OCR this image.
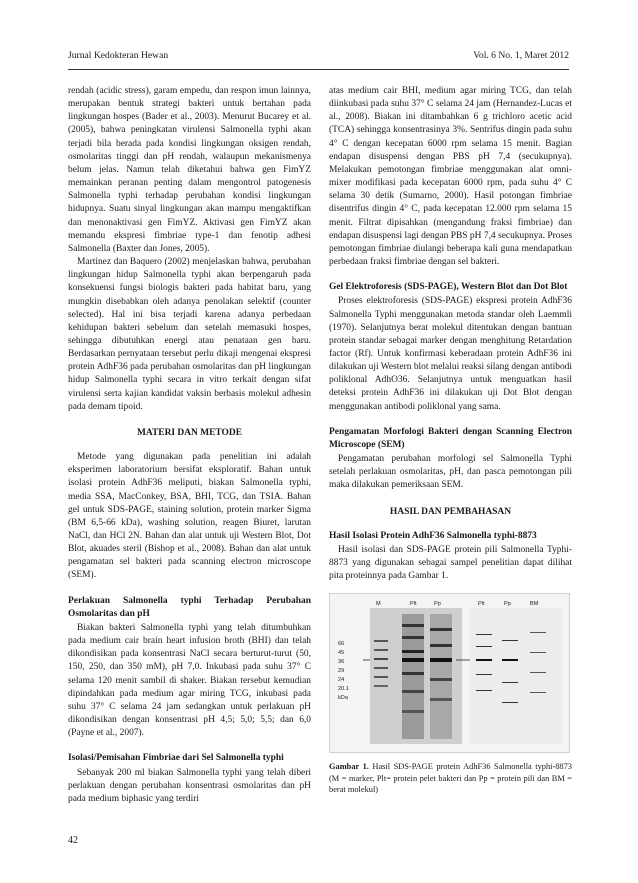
Jurnal Kedokteran Hewan	Vol. 6 No. 1, Maret 2012

rendah (acidic stress), garam empedu, dan respon imun lainnya, merupakan bentuk strategi bakteri untuk bertahan pada lingkungan hospes (Bader et al., 2003). Menurut Bucarey et al. (2005), bahwa peningkatan virulensi Salmonella typhi akan terjadi bila berada pada kondisi lingkungan oksigen rendah, osmolaritas tinggi dan pH rendah, walaupun mekanismenya belum jelas. Namun telah diketahui bahwa gen FimYZ memainkan peranan penting dalam mengontrol patogenesis Salmonella typhi terhadap perubahan kondisi lingkungan hidupnya. Suatu sinyal lingkungan akan mampu mengaktifkan dan menonaktivasi gen FimYZ. Aktivasi gen FimYZ akan memandu ekspresi fimbriae type-1 dan fenotip adhesi Salmonella (Baxter dan Jones, 2005).

Martinez dan Baquero (2002) menjelaskan bahwa, perubahan lingkungan hidup Salmonella typhi akan berpengaruh pada konsekuensi fungsi biologis bakteri pada habitat baru, yang mungkin disebabkan oleh adanya penolakan selektif (counter selected). Hal ini bisa terjadi karena adanya perbedaan kehidupan bakteri sebelum dan setelah memasuki hospes, sehingga dibutuhkan energi atau penataan gen baru. Berdasarkan pernyataan tersebut perlu dikaji mengenai ekspresi protein AdhF36 pada perubahan osmolaritas dan pH lingkungan hidup Salmonella typhi secara in vitro terkait dengan sifat virulensi serta kajian kandidat vaksin berbasis molekul adhesin pada demam tipoid.

MATERI DAN METODE

Metode yang digunakan pada penelitian ini adalah eksperimen laboratorium bersifat eksploratif. Bahan untuk isolasi protein AdhF36 meliputi, biakan Salmonella typhi, media SSA, MacConkey, BSA, BHI, TCG, dan TSIA. Bahan gel untuk SDS-PAGE, staining solution, protein marker Sigma (BM 6,5-66 kDa), washing solution, reagen Biuret, larutan NaCl, dan HCl 2N. Bahan dan alat untuk uji Western Blot, Dot Blot, akuades steril (Bishop et al., 2008). Bahan dan alat untuk pengamatan sel bakteri pada scanning electron microscope (SEM).

Perlakuan Salmonella typhi Terhadap Perubahan Osmolaritas dan pH

Biakan bakteri Salmonella typhi yang telah ditumbuhkan pada medium cair brain heart infusion broth (BHI) dan telah dikondisikan pada konsentrasi NaCl secara berturut-turut (50, 150, 250, dan 350 mM), pH 7,0. Inkubasi pada suhu 37° C selama 120 menit sambil di shaker. Biakan tersebut kemudian dipindahkan pada medium agar miring TCG, inkubasi pada suhu 37° C selama 24 jam sedangkan untuk perlakuan pH dikondisikan dengan konsentrasi pH 4,5; 5,0; 5,5; dan 6,0 (Payne et al., 2007).

Isolasi/Pemisahan Fimbriae dari Sel Salmonella typhi

Sebanyak 200 ml biakan Salmonella typhi yang telah diberi perlakuan dengan perubahan konsentrasi osmolaritas dan pH pada medium biphasic yang terdiri

atas medium cair BHI, medium agar miring TCG, dan telah diinkubasi pada suhu 37° C selama 24 jam (Hernandez-Lucas et al., 2008). Biakan ini ditambahkan 6 g trichloro acetic acid (TCA) sehingga konsentrasinya 3%. Sentrifus dingin pada suhu 4° C dengan kecepatan 6000 rpm selama 15 menit. Bagian endapan disuspensi dengan PBS pH 7,4 (secukupnya). Melakukan pemotongan fimbriae menggunakan alat omni-mixer modifikasi pada kecepatan 6000 rpm, pada suhu 4° C selama 30 detik (Sumarno, 2000). Hasil potongan fimbriae disentrifus dingin 4° C, pada kecepatan 12.000 rpm selama 15 menit. Filtrat dipisahkan (mengandung fraksi fimbriae) dan endapan disuspensi lagi dengan PBS pH 7,4 secukupnya. Proses pemotongan fimbriae diulangi beberapa kali guna mendapatkan perbedaan fraksi fimbriae dengan sel bakteri.

Gel Elektroforesis (SDS-PAGE), Western Blot dan Dot Blot

Proses elektroforesis (SDS-PAGE) ekspresi protein AdhF36 Salmonella Typhi menggunakan metoda standar oleh Laemmli (1970). Selanjutnya berat molekul ditentukan dengan bantuan protein standar sebagai marker dengan menghitung Retardation factor (Rf). Untuk konfirmasi keberadaan protein AdhF36 ini dilakukan uji Western blot melalui reaksi silang dengan antibodi poliklonal AdhO36. Selanjutnya untuk menguatkan hasil deteksi protein AdhF36 ini dilakukan uji Dot Blot dengan menggunakan antibodi poliklonal yang sama.

Pengamatan Morfologi Bakteri dengan Scanning Electron Microscope (SEM)

Pengamatan perubahan morfologi sel Salmonella Typhi setelah perlakuan osmolaritas, pH, dan pasca pemotongan pili maka dilakukan pemeriksaan SEM.

HASIL DAN PEMBAHASAN

Hasil Isolasi Protein AdhF36 Salmonella typhi-8873

Hasil isolasi dan SDS-PAGE protein pili Salmonella Typhi-8873 yang digunakan sebagai sampel penelitian dapat dilihat pita proteinnya pada Gambar 1.

M	Plt	Pp	Plt	Pp	BM
66
45
36
29
24
20.1
kDa
Gambar 1. Hasil SDS-PAGE protein AdhF36 Salmonella typhi-8873 (M = marker, Plt= protein pelet bakteri dan Pp = protein pili dan BM = berat molekul)
42
